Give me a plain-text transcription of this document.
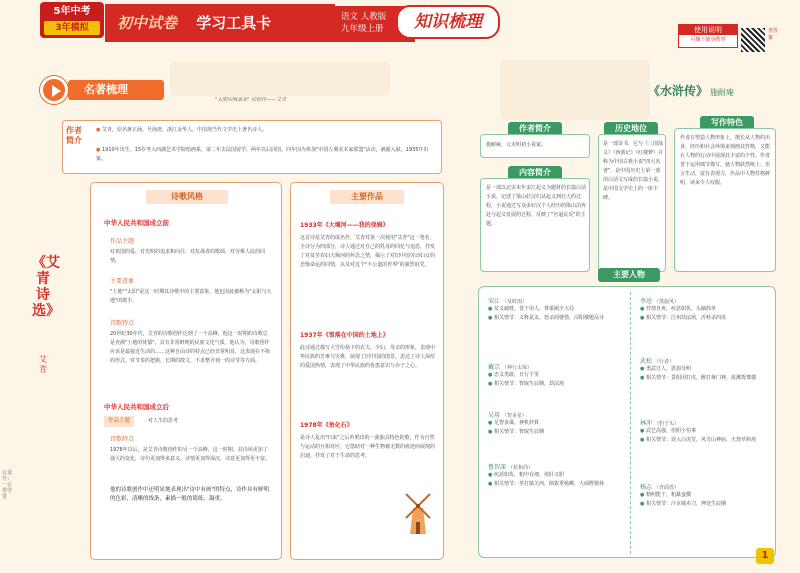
5年中考
3年模拟	初中试卷 学习工具卡	语文 人教版
九年级上册	知识梳理	使用说明
可撕下随身携带
查答案
名著梳理
"太阳向我滚来" 的创作——艾青
作者简介
● 艾青，原名蒋正涵，号海澄，浙江金华人，中国现当代文学史上著名诗人。
● 1910年出生，15岁考入西湖艺术学院绘画系，第二年去法国留学，两年以后回国。同年因为参加"中国左翼美术家联盟"活动，被捕入狱，1935年出狱。
《艾青诗选》
艾青
诗歌风格
中华人民共和国成立前
作品主题
对祖国的爱、对光明的追求和向往、对抗战者的歌颂、对劳难人民的同情。
主要意象
"土地""太阳"是这一时期其诗歌中的主要意象，他也因此被称为"太阳与大地"的歌手。
诗歌特点
20世纪30年代，艾青的诗歌创作达到了一个高峰，他这一时期的诗歌总是充满"土地的忧郁"，具有非常鲜明的民族文化气质。他认为，诗歌创作应该是最接近生活的……这种自由诗的特点已经非常明显，这表现在不拘的形式，对节奏的把握，长期的散文，不求整齐划一的诗节等方面。
中华人民共和国成立后
作品主题	对人生的思考
诗歌特点
1978年以后，是艾青诗歌创作的另一个高峰，这一时期，其诗风更加了强大的变化，诗句更加得多意义，诗情更加得深沉，诗意更加得更丰富。
他的诗歌创作中还明显地表现出"诗中有画"的特点，诗作具有鲜明的色彩，清晰的线条，素描一般的简练、凝重。
主要作品
1933年《大堰河——我的保姆》
这首诗是艾青的成名作，艾青对第一次使用"艾青"这一笔名。全诗分为四部分，诗人通过对自己的乳母的回忆与追思，抒发了对贫苦农妇大堰河的怀念之情，揭示了对旧中国劳动妇女的悲惨命运的同情，以及对这个"不公道的世界"的强烈诅咒。
1937年《雪落在中国的土地上》
此诗通过描写大雪纷扬下的农夫、少妇、母亲的形象，表现中华民族的苦难与灾难，展现了旧中国的图景，表达了诗人深厚的爱国热情，表现了中华民族的优患意识与赤子之心。
1978年《鱼化石》
是诗人复出"归来"之后吟唱出的一曲独具特色的歌，作为自然与运动的互相对应，它借助对一种生物被无数的痕迹而展现的启迪，抒发了对于生命的思考。
《水浒传》 施耐庵
作者简介
施耐庵，元末明初小说家。
内容简介
是一部以北宋末年宋江起义为题材的长篇白话小说，记述了梁山好汉们从起义到壮大的过程，小说通过写众多好汉个人经历的梁山泊奔赴与起义发展的过程，反映了"官逼民反"的主题。
历史地位
是一部奇书，它与《三国演义》《西游记》《红楼梦》并称为中国古典小说"四大名著"，是中国历史上第一部用白话文写成的长篇小说，是中国文学史上的一座丰碑。
写作特色
作者在塑造人物形象上，擅长从人物的出身、经历和社会环境来刻画其性格，又能在人物的行动中展现其丰富的个性。作者善于运用细节描写，使人物跃然纸上；语言生动，富有表现力，作品中人物性格鲜明，读来令人叹服。
主要人物
宋江 （及时雨）
● 仗义疏财，善于用人，尊重顾全大局
● 相关情节：义释晁盖，怒杀阎婆惜，浔阳楼题反诗
戴宗 （神行太保）
● 忠义勇敢，日行千里
● 相关情节：智取生辰纲，劫法场
吴用 （智多星）
● 足智多谋，神机妙算
● 相关情节：智取生辰纲
鲁智深 （花和尚）
● 疾恶如仇，粗中有细，侠肝义胆
● 相关情节：拳打镇关西，倒拔垂杨柳，大闹野猪林
李逵 （黑旋风）
● 性情直爽，疾恶如仇，头脑简单
● 相关情节：江州劫法场，沂岭杀四虎
武松 （行者）
● 勇武过人，恩怨分明
● 相关情节：景阳冈打虎，醉打蒋门神，血溅鸳鸯楼
林冲 （豹子头）
● 武艺高强，但胆小怕事
● 相关情节：误入白虎堂，风雪山神庙，火烧草料场
杨志 （青面兽）
● 精明能干，粗暴蛮横
● 相关情节：汴京城卖刀，押送生辰纲
1
公众号：一公里学堂
